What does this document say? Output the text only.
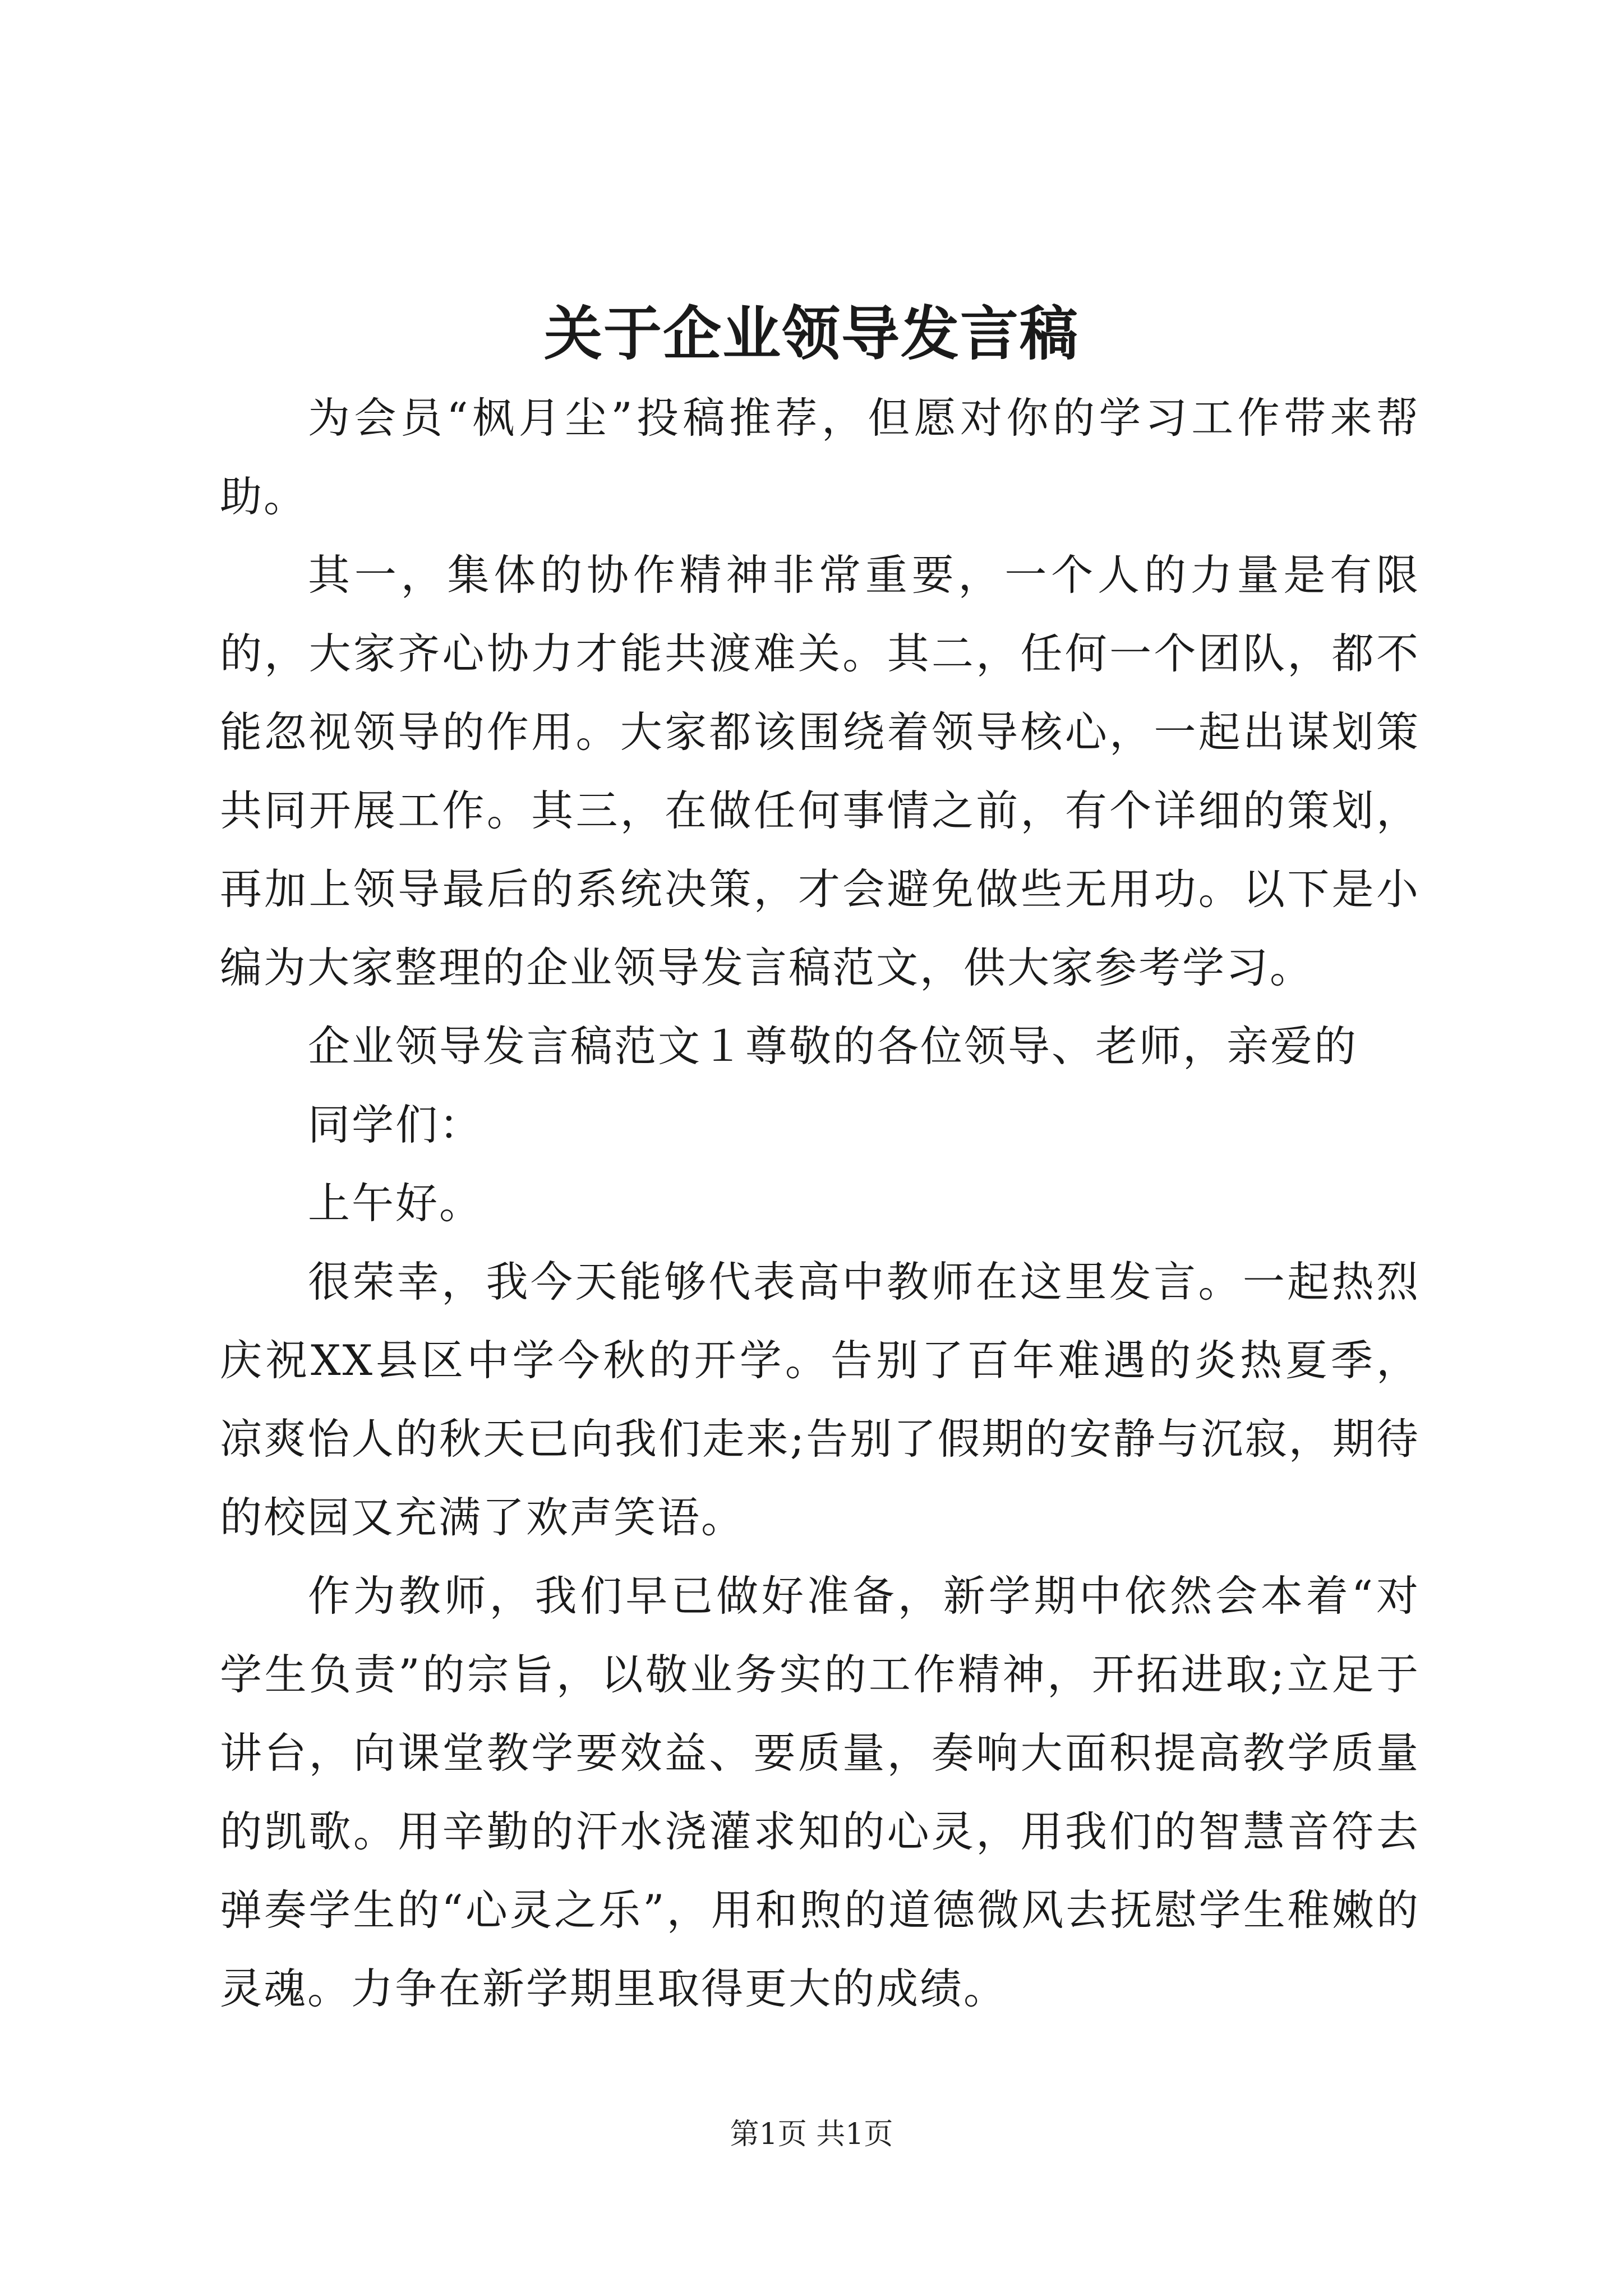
关于企业领导发言稿

为会员“枫月尘”投稿推荐，但愿对你的学习工作带来帮助。

其一，集体的协作精神非常重要，一个人的力量是有限的，大家齐心协力才能共渡难关。其二，任何一个团队，都不能忽视领导的作用。大家都该围绕着领导核心，一起出谋划策共同开展工作。其三，在做任何事情之前，有个详细的策划，再加上领导最后的系统决策，才会避免做些无用功。以下是小编为大家整理的企业领导发言稿范文，供大家参考学习。

企业领导发言稿范文１尊敬的各位领导、老师，亲爱的

同学们：

上午好。

很荣幸，我今天能够代表高中教师在这里发言。一起热烈庆祝XX县区中学今秋的开学。告别了百年难遇的炎热夏季，凉爽怡人的秋天已向我们走来;告别了假期的安静与沉寂，期待的校园又充满了欢声笑语。

作为教师，我们早已做好准备，新学期中依然会本着“对学生负责”的宗旨，以敬业务实的工作精神，开拓进取;立足于讲台，向课堂教学要效益、要质量，奏响大面积提高教学质量的凯歌。用辛勤的汗水浇灌求知的心灵，用我们的智慧音符去弹奏学生的“心灵之乐”，用和煦的道德微风去抚慰学生稚嫩的灵魂。力争在新学期里取得更大的成绩。

第1页 共1页
